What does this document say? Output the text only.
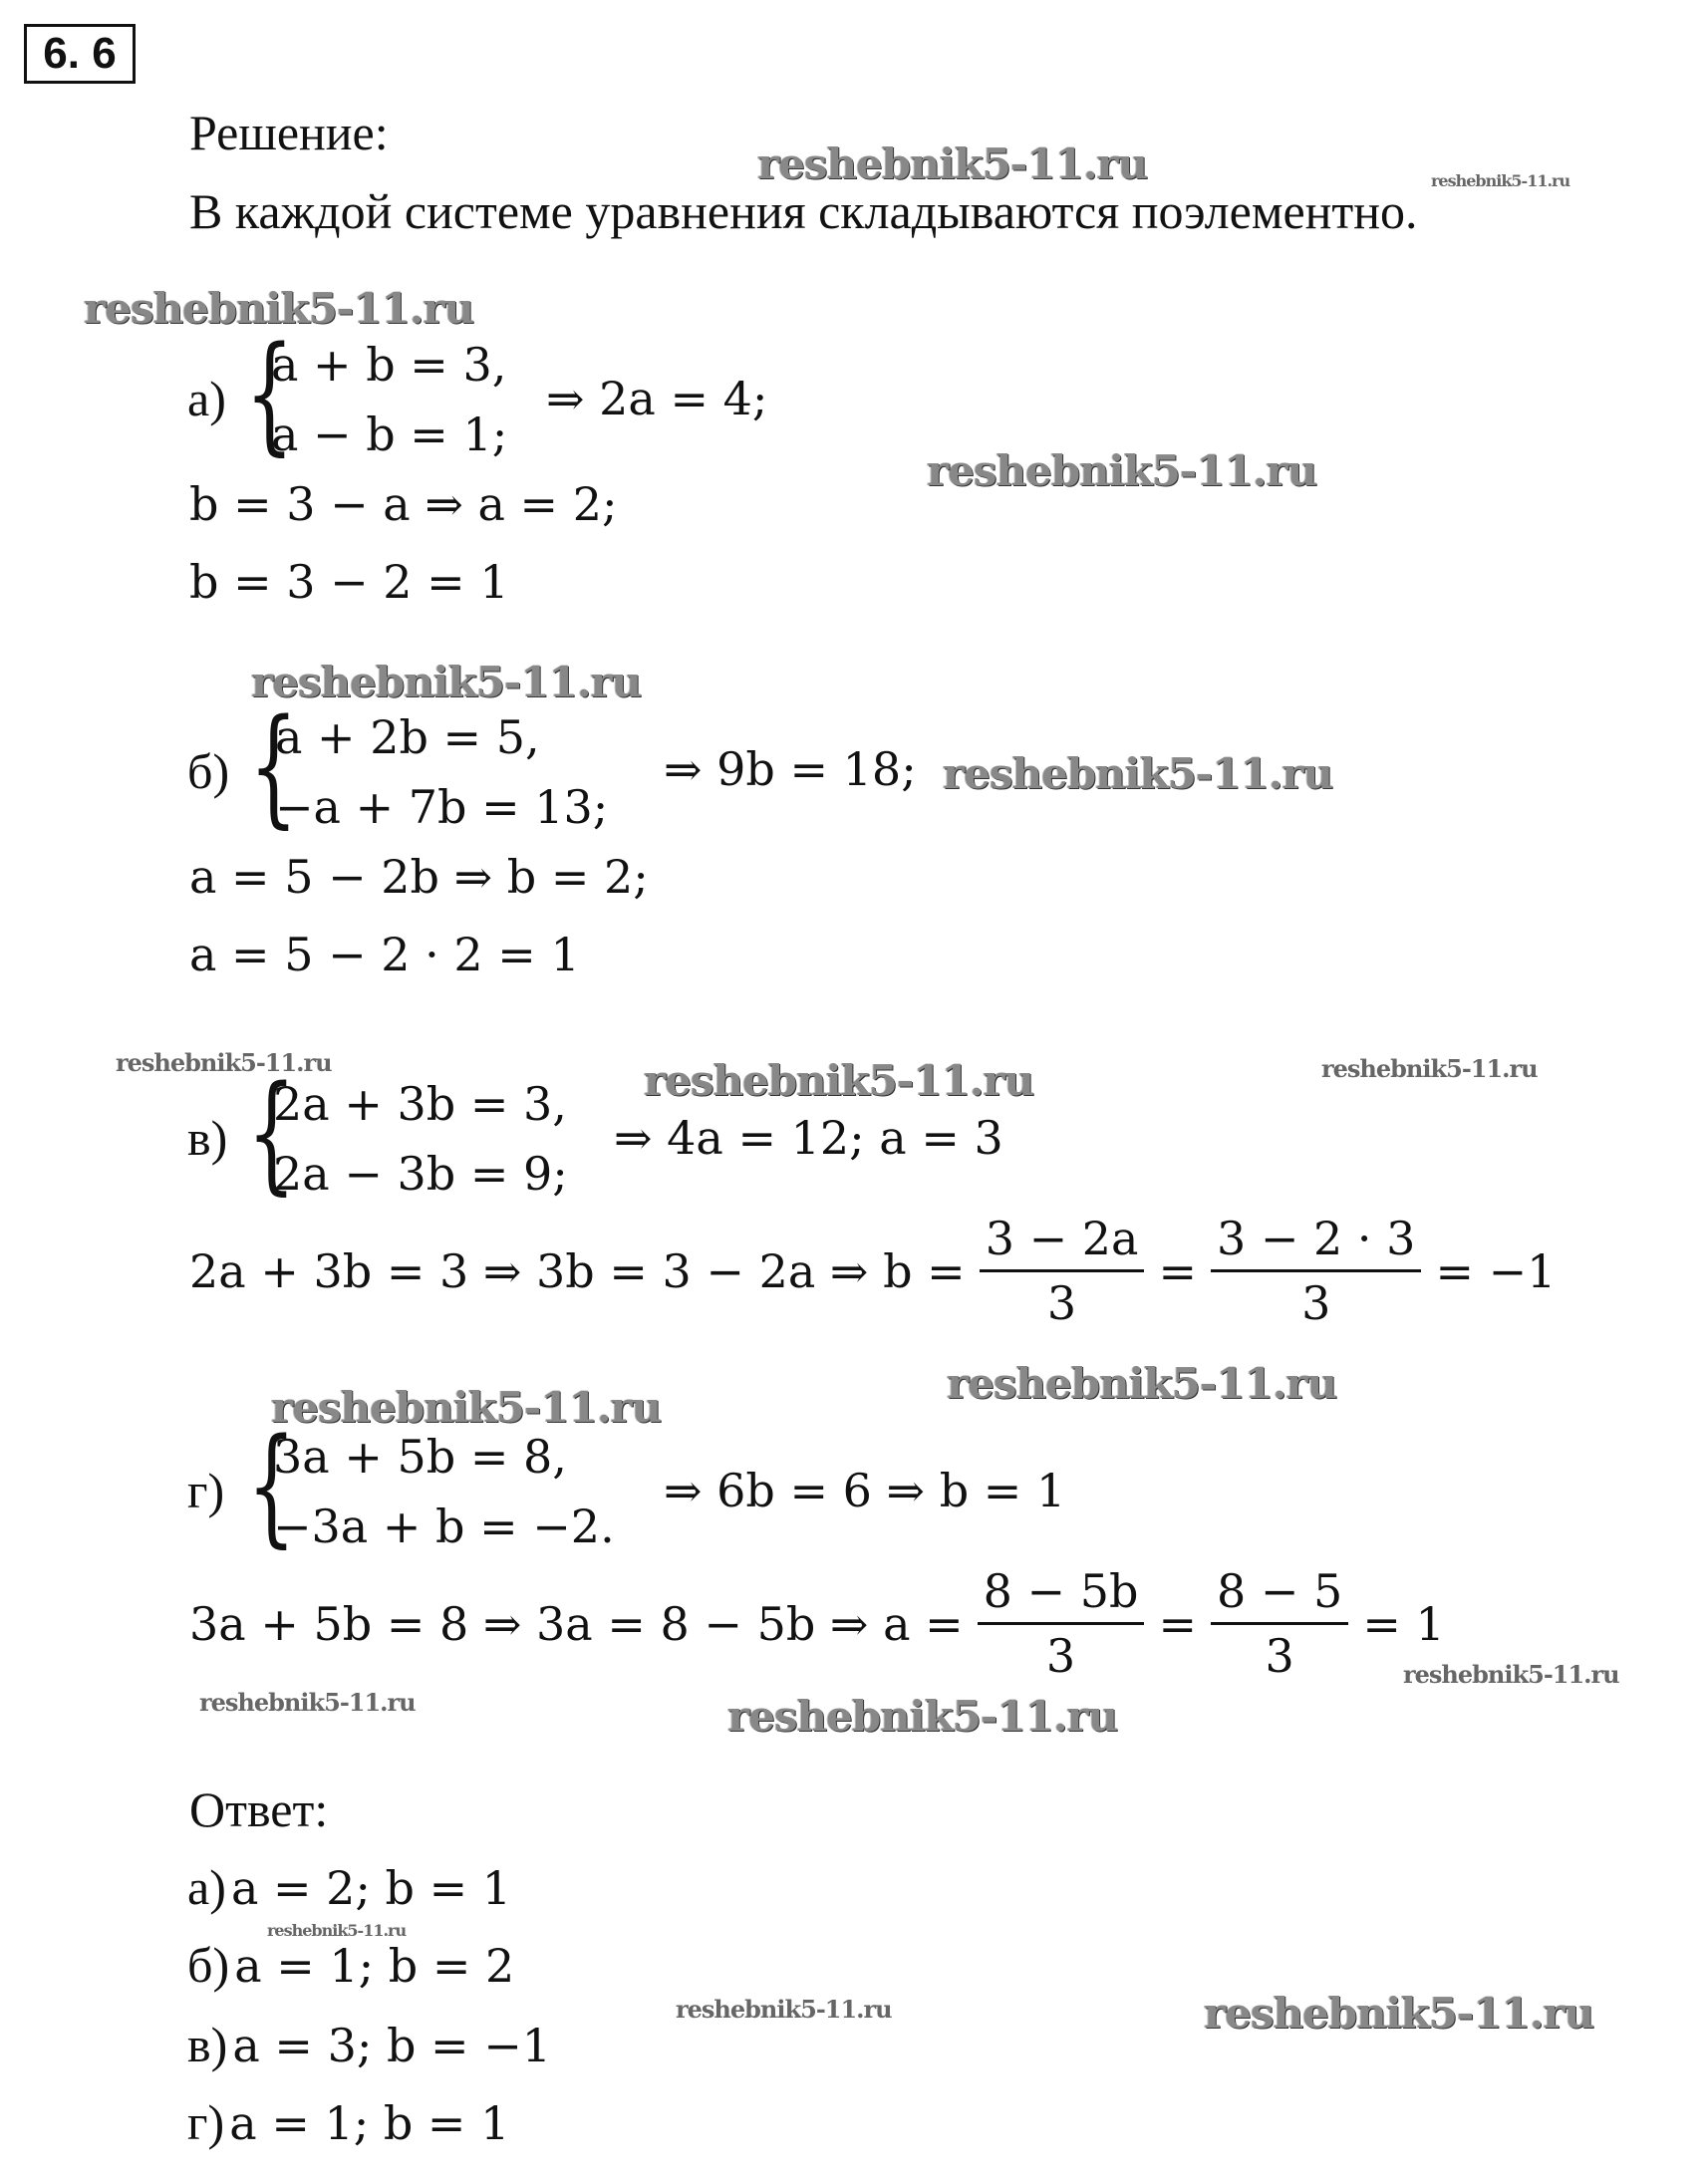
6. 6
Решение:
В каждой системе уравнения складываются поэлементно.
а) {
a + b = 3,
a − b = 1;
⇒ 2a = 4;
b = 3 − a ⇒ a = 2;
b = 3 − 2 = 1
б) {
a + 2b = 5,
−a + 7b = 13;
⇒ 9b = 18;
a = 5 − 2b ⇒ b = 2;
a = 5 − 2 · 2 = 1
в) {
2a + 3b = 3,
2a − 3b = 9;
⇒ 4a = 12; a = 3
2a + 3b = 3 ⇒ 3b = 3 − 2a ⇒ $b = \frac{3 - 2a}{3} = \frac{3 - 2 \cdot 3}{3} = -1$
г) {
3a + 5b = 8,
−3a + b = −2.
⇒ 6b = 6 ⇒ b = 1
3a + 5b = 8 ⇒ 3a = 8 − 5b ⇒ $a = \frac{8 - 5b}{3} = \frac{8 - 5}{3} = 1$
Ответ:
а) a = 2; b = 1
б) a = 1; b = 2
в) a = 3; b = −1
г) a = 1; b = 1
reshebnik5-11.ru	reshebnik5-11.ru
reshebnik5-11.ru
reshebnik5-11.ru
reshebnik5-11.ru
reshebnik5-11.ru
reshebnik5-11.ru	reshebnik5-11.ru	reshebnik5-11.ru
reshebnik5-11.ru
reshebnik5-11.ru
reshebnik5-11.ru
reshebnik5-11.ru	reshebnik5-11.ru
reshebnik5-11.ru
reshebnik5-11.ru	reshebnik5-11.ru
